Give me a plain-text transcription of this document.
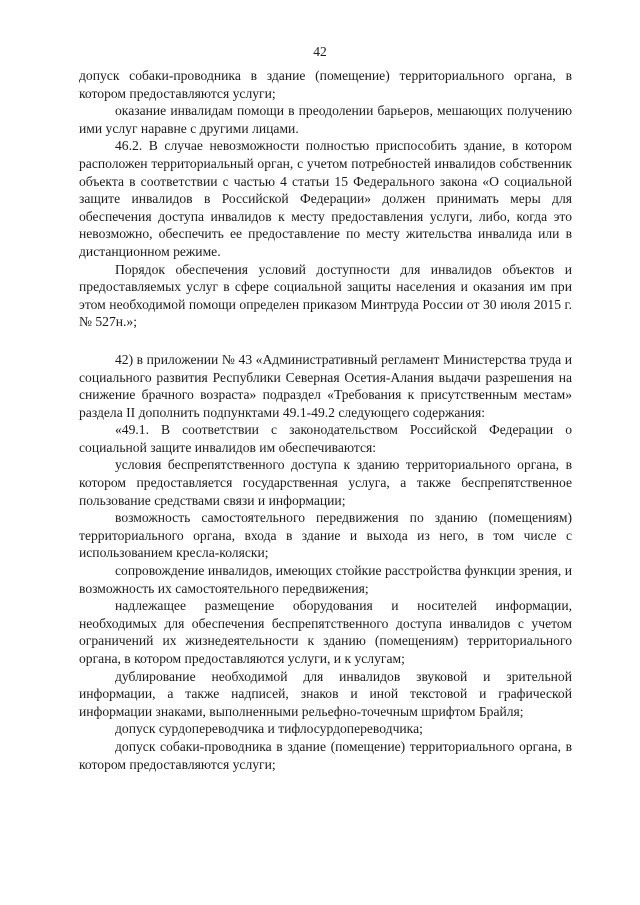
42

допуск собаки-проводника в здание (помещение) территориального органа, в котором предоставляются услуги;

оказание инвалидам помощи в преодолении барьеров, мешающих получению ими услуг наравне с другими лицами.

46.2. В случае невозможности полностью приспособить здание, в котором расположен территориальный орган, с учетом потребностей инвалидов собственник объекта в соответствии с частью 4 статьи 15 Федерального закона «О социальной защите инвалидов в Российской Федерации» должен принимать меры для обеспечения доступа инвалидов к месту предоставления услуги, либо, когда это невозможно, обеспечить ее предоставление по месту жительства инвалида или в дистанционном режиме.

Порядок обеспечения условий доступности для инвалидов объектов и предоставляемых услуг в сфере социальной защиты населения и оказания им при этом необходимой помощи определен приказом Минтруда России от 30 июля 2015 г. № 527н.»;

42) в приложении № 43 «Административный регламент Министерства труда и социального развития Республики Северная Осетия-Алания выдачи разрешения на снижение брачного возраста» подраздел «Требования к присутственным местам» раздела II дополнить подпунктами 49.1-49.2 следующего содержания:

«49.1. В соответствии с законодательством Российской Федерации о социальной защите инвалидов им обеспечиваются:

условия беспрепятственного доступа к зданию территориального органа, в котором предоставляется государственная услуга, а также беспрепятственное пользование средствами связи и информации;

возможность самостоятельного передвижения по зданию (помещениям) территориального органа, входа в здание и выхода из него, в том числе с использованием кресла-коляски;

сопровождение инвалидов, имеющих стойкие расстройства функции зрения, и возможность их самостоятельного передвижения;

надлежащее размещение оборудования и носителей информации, необходимых для обеспечения беспрепятственного доступа инвалидов с учетом ограничений их жизнедеятельности к зданию (помещениям) территориального органа, в котором предоставляются услуги, и к услугам;

дублирование необходимой для инвалидов звуковой и зрительной информации, а также надписей, знаков и иной текстовой и графической информации знаками, выполненными рельефно-точечным шрифтом Брайля;

допуск сурдопереводчика и тифлосурдопереводчика;

допуск собаки-проводника в здание (помещение) территориального органа, в котором предоставляются услуги;
